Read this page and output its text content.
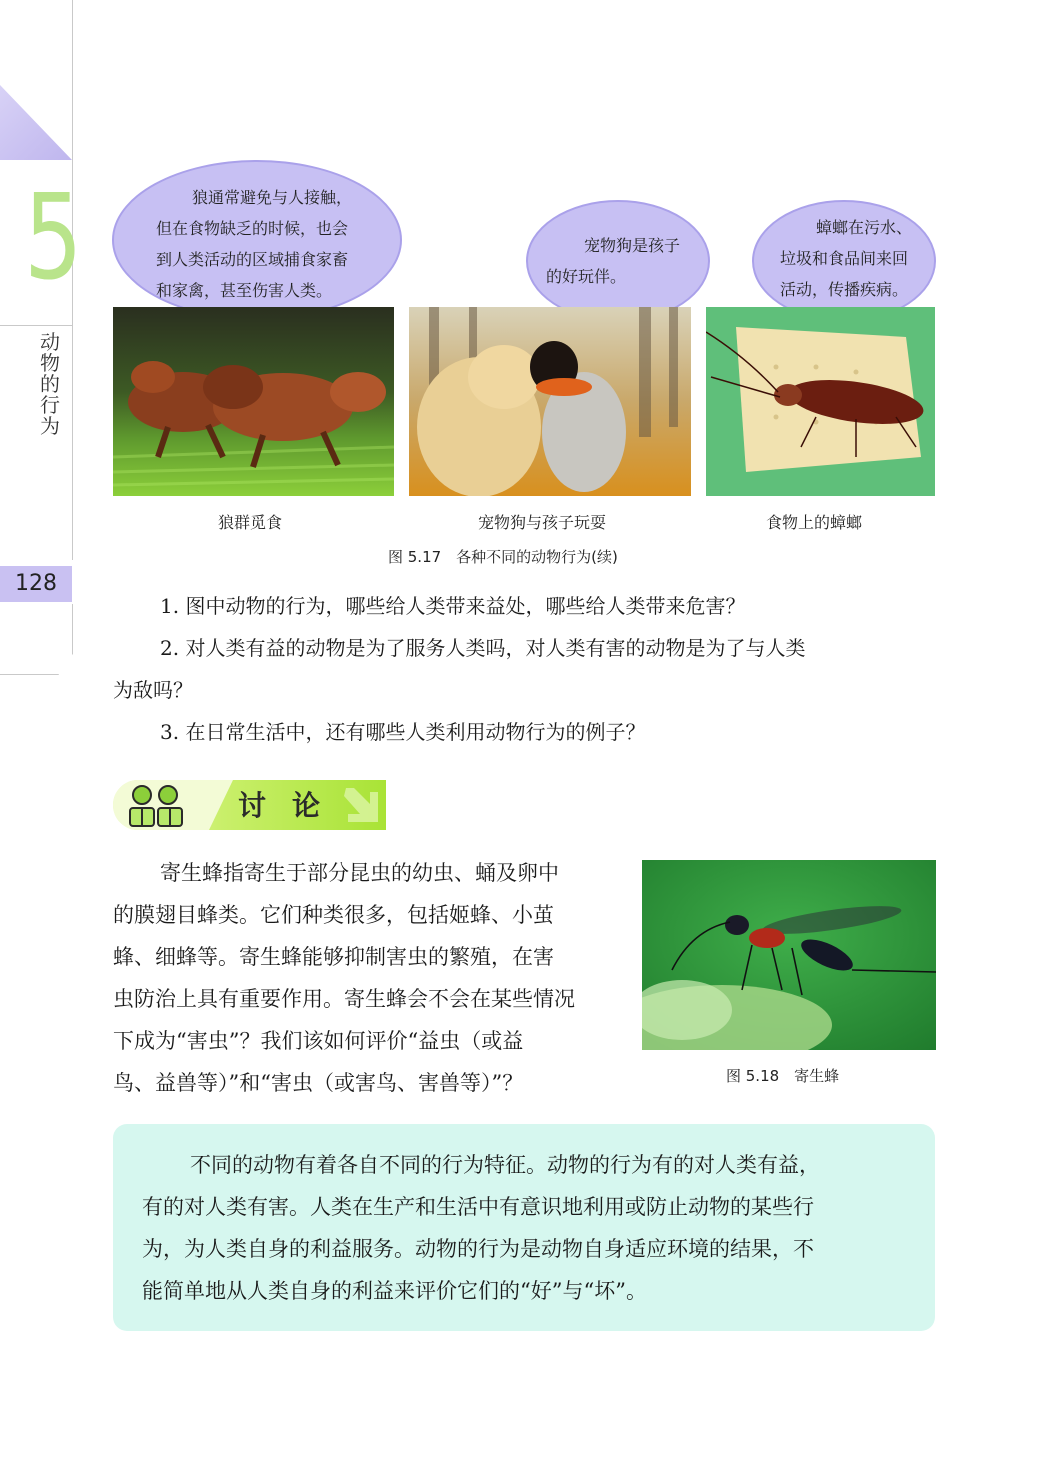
5
动物的行为
128
狼通常避免与人接触，
但在食物缺乏的时候，也会
到人类活动的区域捕食家畜
和家禽，甚至伤害人类。
宠物狗是孩子
的好玩伴。
蟑螂在污水、
垃圾和食品间来回
活动，传播疾病。
狼群觅食	宠物狗与孩子玩耍	食物上的蟑螂
图 5.17　各种不同的动物行为(续)
1. 图中动物的行为，哪些给人类带来益处，哪些给人类带来危害？
2. 对人类有益的动物是为了服务人类吗，对人类有害的动物是为了与人类
为敌吗？
3. 在日常生活中，还有哪些人类利用动物行为的例子？
讨论
寄生蜂指寄生于部分昆虫的幼虫、蛹及卵中
的膜翅目蜂类。它们种类很多，包括姬蜂、小茧
蜂、细蜂等。寄生蜂能够抑制害虫的繁殖，在害
虫防治上具有重要作用。寄生蜂会不会在某些情况
下成为“害虫”？我们该如何评价“益虫（或益
鸟、益兽等）”和“害虫（或害鸟、害兽等）”？	图 5.18　寄生蜂
不同的动物有着各自不同的行为特征。动物的行为有的对人类有益，
有的对人类有害。人类在生产和生活中有意识地利用或防止动物的某些行
为，为人类自身的利益服务。动物的行为是动物自身适应环境的结果，不
能简单地从人类自身的利益来评价它们的“好”与“坏”。
